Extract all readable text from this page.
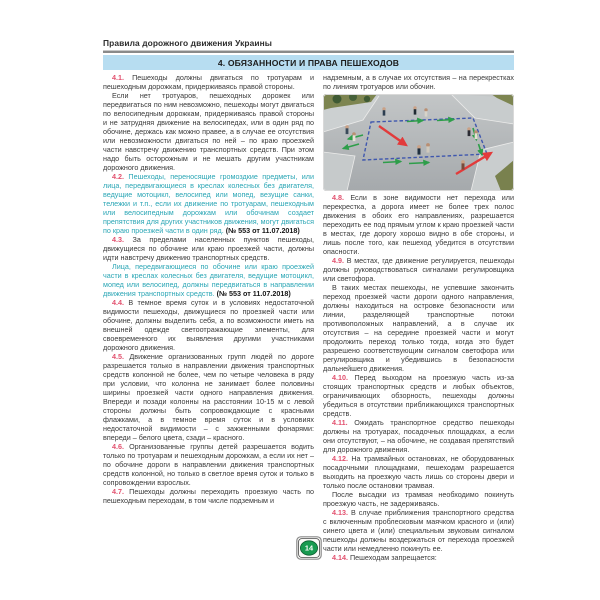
Правила дорожного движения Украины
4. ОБЯЗАННОСТИ И ПРАВА ПЕШЕХОДОВ

4.1. Пешеходы должны двигаться по тротуарам и пешеходным дорожкам, придерживаясь правой стороны.

Если нет тротуаров, пешеходных дорожек или передвигаться по ним невозможно, пешеходы могут двигаться по велосипедным дорожкам, придерживаясь правой стороны и не затрудняя движение на велосипедах, или в один ряд по обочине, держась как можно правее, а в случае ее отсутствия или невозможности двигаться по ней – по краю проезжей части навстречу движению транспортных средств. При этом надо быть осторожным и не мешать другим участникам дорожного движения.

4.2. Пешеходы, переносящие громоздкие предметы, или лица, передвигающиеся в креслах колесных без двигателя, ведущие мотоцикл, велосипед или мопед, везущие санки, тележки и т.п., если их движение по тротуарам, пешеходным или велосипедным дорожкам или обочинам создает препятствия для других участников движения, могут двигаться по краю проезжей части в один ряд. (№ 553 от 11.07.2018)

4.3. За пределами населенных пунктов пешеходы, движущиеся по обочине или краю проезжей части, должны идти навстречу движению транспортных средств.

Лица, передвигающиеся по обочине или краю проезжей части в креслах колесных без двигателя, ведущие мотоцикл, мопед или велосипед, должны передвигаться в направлении движения транспортных средств. (№ 553 от 11.07.2018)

4.4. В темное время суток и в условиях недостаточной видимости пешеходы, движущиеся по проезжей части или обочине, должны выделить себя, а по возможности иметь на внешней одежде светоотражающие элементы, для своевременного их выявления другими участниками дорожного движения.

4.5. Движение организованных групп людей по дороге разрешается только в направлении движения транспортных средств колонной не более, чем по четыре человека в ряду при условии, что колонна не занимает более половины ширины проезжей части одного направления движения. Впереди и позади колонны на расстоянии 10-15 м с левой стороны должны быть сопровождающие с красными флажками, а в темное время суток и в условиях недостаточной видимости – с зажженными фонарями: впереди – белого цвета, сзади – красного.

4.6. Организованные группы детей разрешается водить только по тротуарам и пешеходным дорожкам, а если их нет – по обочине дороги в направлении движения транспортных средств колонной, но только в светлое время суток и только в сопровождении взрослых.

4.7. Пешеходы должны переходить проезжую часть по пешеходным переходам, в том числе подземным и

надземным, а в случае их отсутствия – на перекрестках по линиям тротуаров или обочин.

4.8. Если в зоне видимости нет перехода или перекрестка, а дорога имеет не более трех полос движения в обоих его направлениях, разрешается переходить ее под прямым углом к краю проезжей части в местах, где дорогу хорошо видно в обе стороны, и лишь после того, как пешеход убедится в отсутствии опасности.

4.9. В местах, где движение регулируется, пешеходы должны руководствоваться сигналами регулировщика или светофора.

В таких местах пешеходы, не успевшие закончить переход проезжей части дороги одного направления, должны находиться на островке безопасности или линии, разделяющей транспортные потоки противоположных направлений, а в случае их отсутствия – на середине проезжей части и могут продолжить переход только тогда, когда это будет разрешено соответствующим сигналом светофора или регулировщика и убедившись в безопасности дальнейшего движения.

4.10. Перед выходом на проезжую часть из-за стоящих транспортных средств и любых объектов, ограничивающих обзорность, пешеходы должны убедиться в отсутствии приближающихся транспортных средств.

4.11. Ожидать транспортное средство пешеходы должны на тротуарах, посадочных площадках, а если они отсутствуют, – на обочине, не создавая препятствий для дорожного движения.

4.12. На трамвайных остановках, не оборудованных посадочными площадками, пешеходам разрешается выходить на проезжую часть лишь со стороны двери и только после остановки трамвая.

После высадки из трамвая необходимо покинуть проезжую часть, не задерживаясь.

4.13. В случае приближения транспортного средства с включенным проблесковым маячком красного и (или) синего цвета и (или) специальным звуковым сигналом пешеходы должны воздержаться от перехода проезжей части или немедленно покинуть ее.

4.14. Пешеходам запрещается:

14
